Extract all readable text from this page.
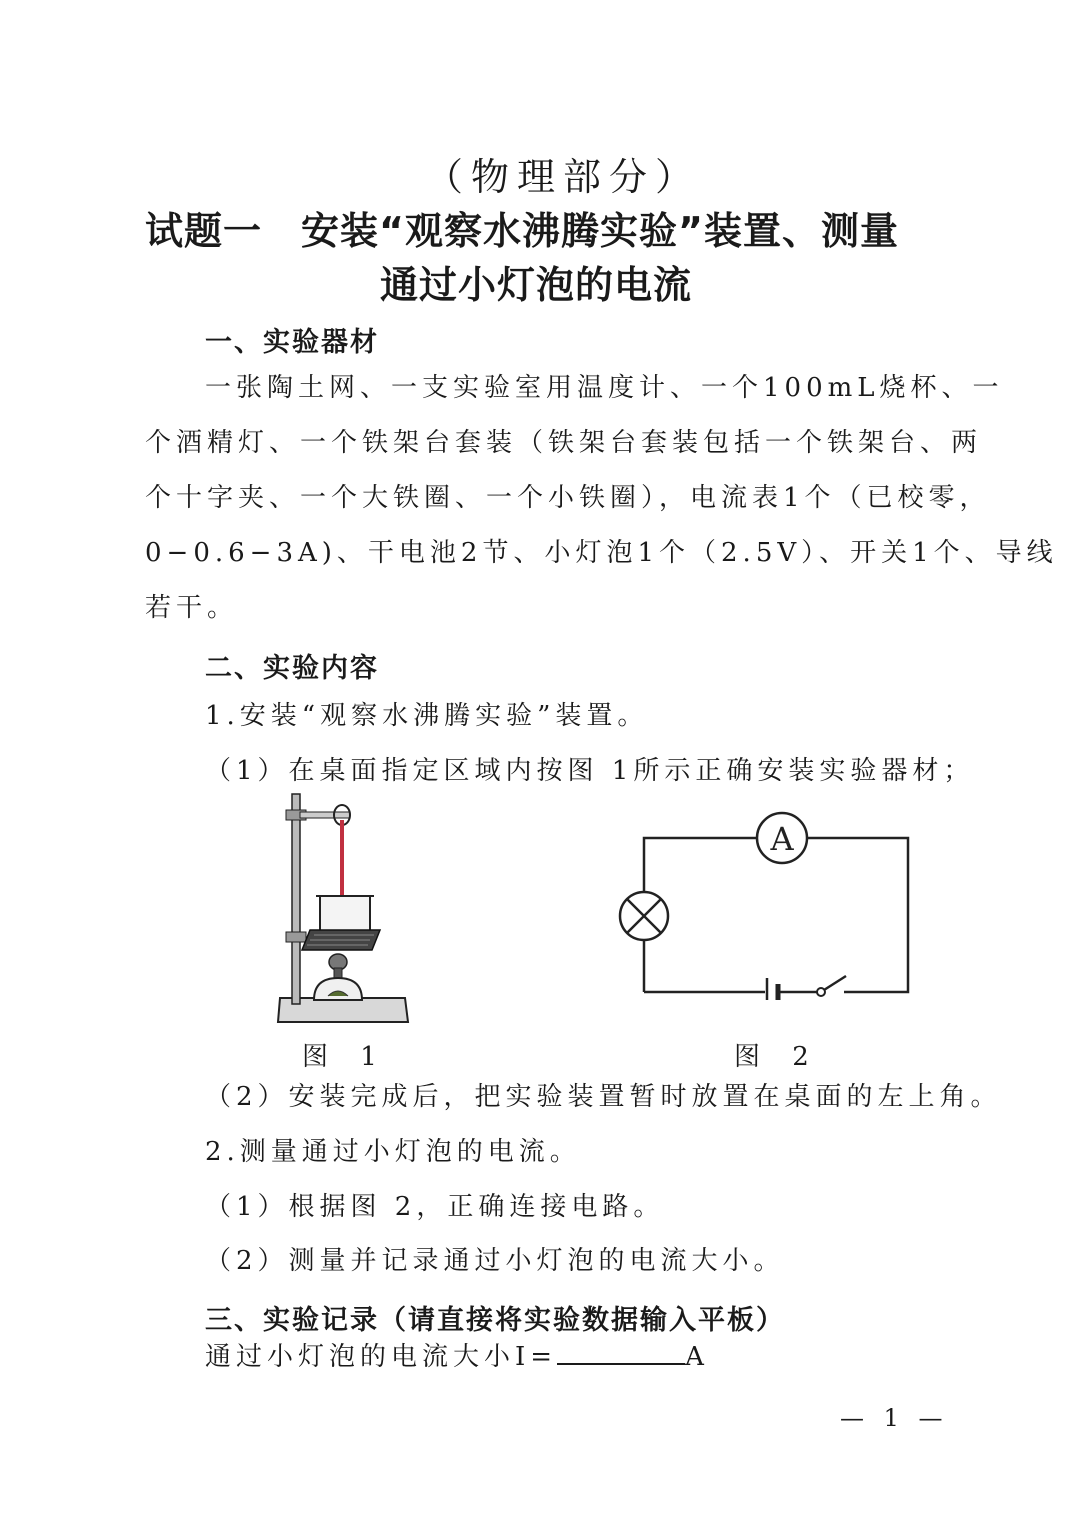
（物理部分）
试题一　安装“观察水沸腾实验”装置、测量
通过小灯泡的电流
一、实验器材
一张陶土网、一支实验室用温度计、一个100mL烧杯、一
个酒精灯、一个铁架台套装（铁架台套装包括一个铁架台、两
个十字夹、一个大铁圈、一个小铁圈），电流表1个（已校零，
0−0.6−3A)、干电池2节、小灯泡1个（2.5V）、开关1个、导线
若干。
二、实验内容
1.安装“观察水沸腾实验”装置。
（1）在桌面指定区域内按图 1所示正确安装实验器材；
A
图 1	图 2
（2）安装完成后，把实验装置暂时放置在桌面的左上角。
2.测量通过小灯泡的电流。
（1）根据图 2，正确连接电路。
（2）测量并记录通过小灯泡的电流大小。
三、实验记录（请直接将实验数据输入平板）
通过小灯泡的电流大小I=	A
— 1 —
